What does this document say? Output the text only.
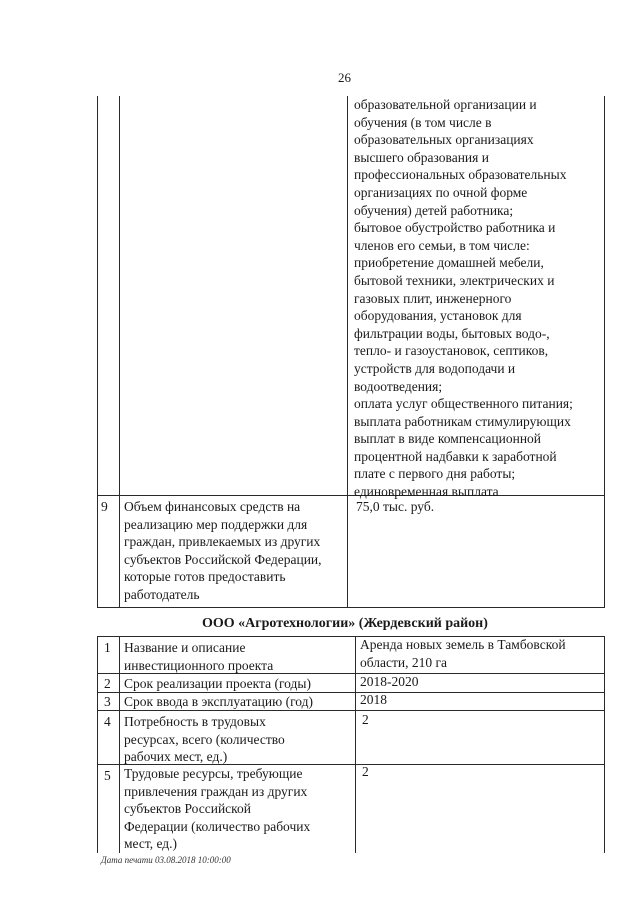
26
образовательной организации и
обучения (в том числе в
образовательных организациях
высшего образования и
профессиональных образовательных
организациях по очной форме
обучения) детей работника;
бытовое обустройство работника и
членов его семьи, в том числе:
приобретение домашней мебели,
бытовой техники, электрических и
газовых плит, инженерного
оборудования, установок для
фильтрации воды, бытовых водо-,
тепло- и газоустановок, септиков,
устройств для водоподачи и
водоотведения;
оплата услуг общественного питания;
выплата работникам стимулирующих
выплат в виде компенсационной
процентной надбавки к заработной
плате с первого дня работы;
единовременная выплата
9 Объем финансовых средств на
реализацию мер поддержки для
граждан, привлекаемых из других
субъектов Российской Федерации,
которые готов предоставить
работодатель
75,0 тыс. руб.
ООО «Агротехнологии» (Жердевский район)
1 Название и описание
инвестиционного проекта
Аренда новых земель в Тамбовской
области, 210 га
2 Срок реализации проекта (годы)	2018-2020
3 Срок ввода в эксплуатацию (год)	2018
4 Потребность в трудовых
ресурсах, всего (количество
рабочих мест, ед.)
2
5 Трудовые ресурсы, требующие
привлечения граждан из других
субъектов Российской
Федерации (количество рабочих
мест, ед.)
2
Дата печати 03.08.2018 10:00:00
